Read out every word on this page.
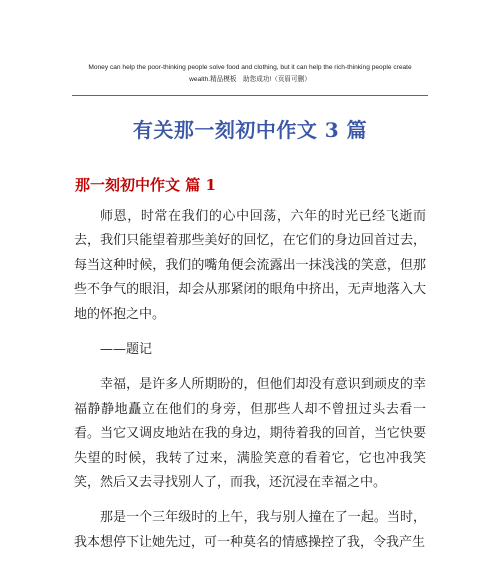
Money can help the poor-thinking people solve food and clothing, but it can help the rich-thinking people create
wealth.精品模板　助您成功!（页眉可删）
有关那一刻初中作文 3 篇
那一刻初中作文 篇 1

师恩，时常在我们的心中回荡，六年的时光已经飞逝而去，我们只能望着那些美好的回忆，在它们的身边回首过去，每当这种时候，我们的嘴角便会流露出一抹浅浅的笑意，但那些不争气的眼泪，却会从那紧闭的眼角中挤出，无声地落入大地的怀抱之中。

——题记

幸福，是许多人所期盼的，但他们却没有意识到顽皮的幸福静静地矗立在他们的身旁，但那些人却不曾扭过头去看一看。当它又调皮地站在我的身边，期待着我的回首，当它快要失望的时候，我转了过来，满脸笑意的看着它，它也冲我笑笑，然后又去寻找别人了，而我，还沉浸在幸福之中。

那是一个三年级时的上午，我与别人撞在了一起。当时，我本想停下让她先过，可一种莫名的情感操控了我，令我产生
